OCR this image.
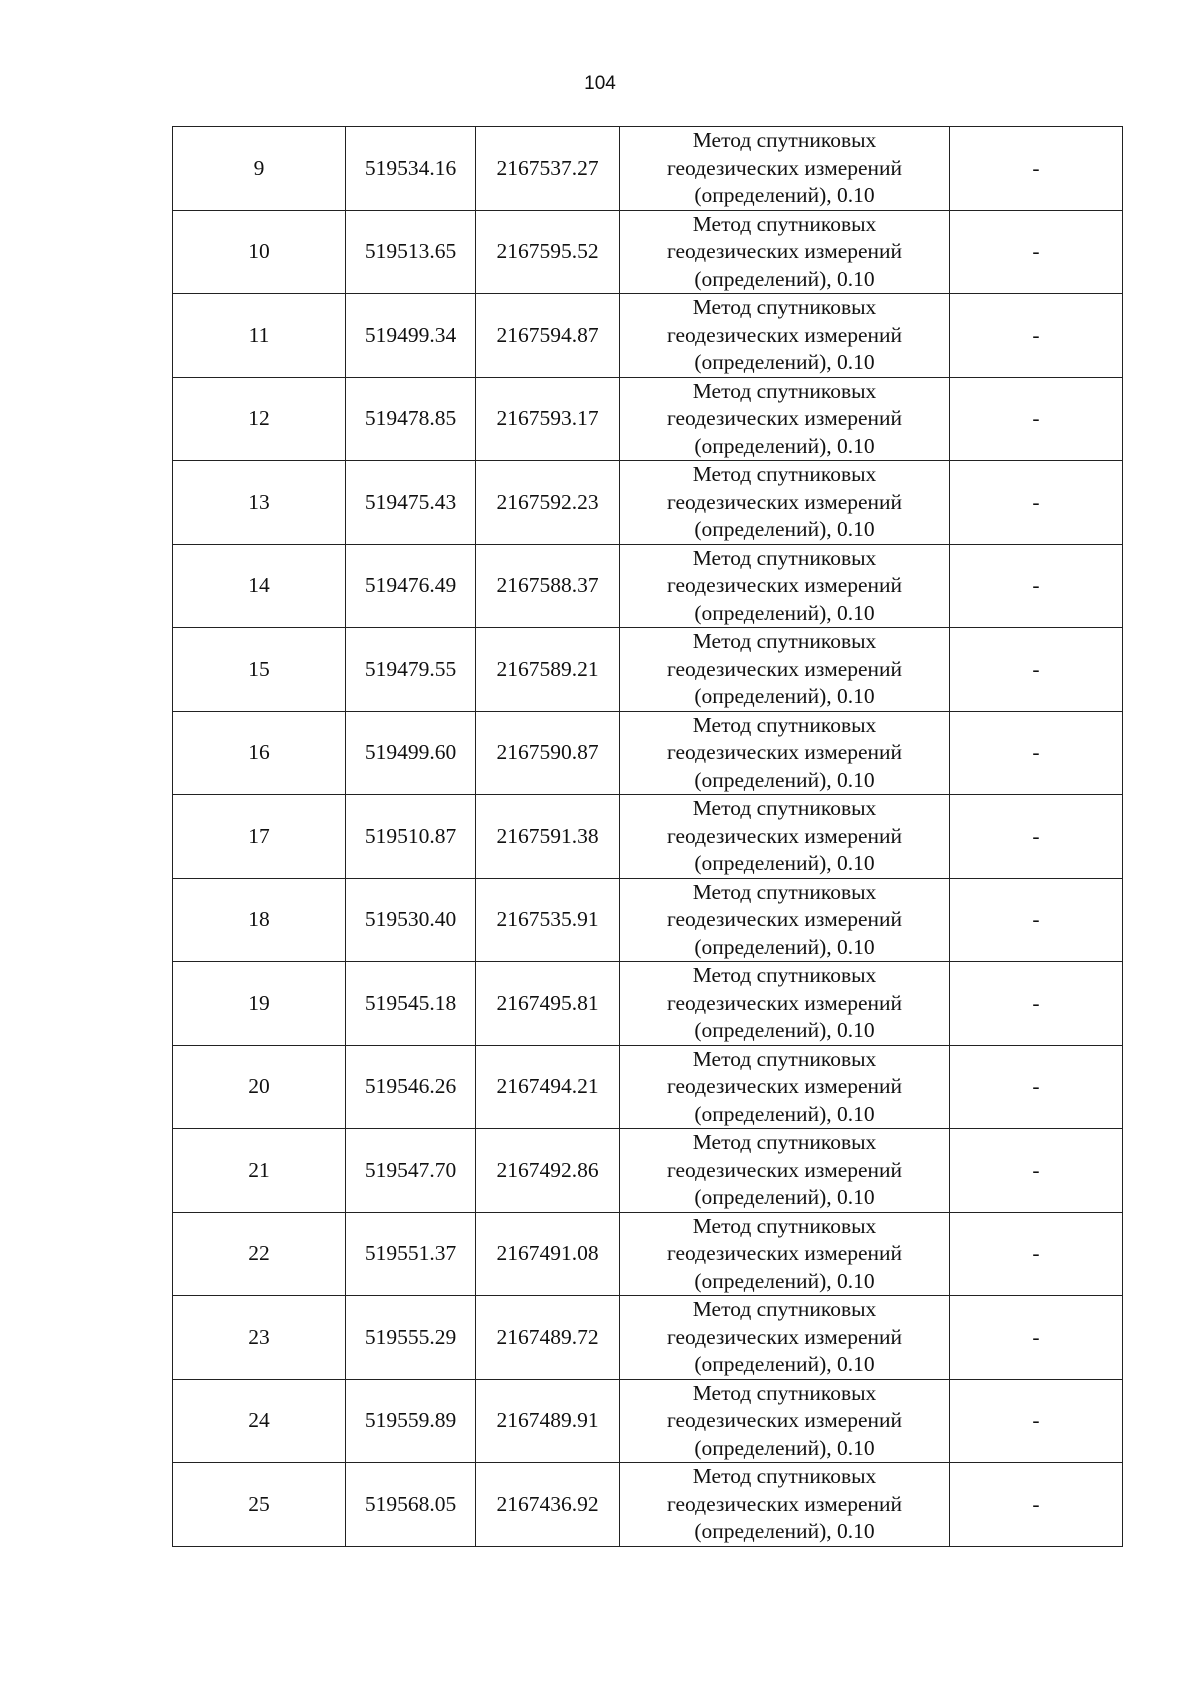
104
9	519534.16	2167537.27	Метод спутниковых
геодезических измерений
(определений), 0.10	-
10	519513.65	2167595.52	Метод спутниковых
геодезических измерений
(определений), 0.10	-
11	519499.34	2167594.87	Метод спутниковых
геодезических измерений
(определений), 0.10	-
12	519478.85	2167593.17	Метод спутниковых
геодезических измерений
(определений), 0.10	-
13	519475.43	2167592.23	Метод спутниковых
геодезических измерений
(определений), 0.10	-
14	519476.49	2167588.37	Метод спутниковых
геодезических измерений
(определений), 0.10	-
15	519479.55	2167589.21	Метод спутниковых
геодезических измерений
(определений), 0.10	-
16	519499.60	2167590.87	Метод спутниковых
геодезических измерений
(определений), 0.10	-
17	519510.87	2167591.38	Метод спутниковых
геодезических измерений
(определений), 0.10	-
18	519530.40	2167535.91	Метод спутниковых
геодезических измерений
(определений), 0.10	-
19	519545.18	2167495.81	Метод спутниковых
геодезических измерений
(определений), 0.10	-
20	519546.26	2167494.21	Метод спутниковых
геодезических измерений
(определений), 0.10	-
21	519547.70	2167492.86	Метод спутниковых
геодезических измерений
(определений), 0.10	-
22	519551.37	2167491.08	Метод спутниковых
геодезических измерений
(определений), 0.10	-
23	519555.29	2167489.72	Метод спутниковых
геодезических измерений
(определений), 0.10	-
24	519559.89	2167489.91	Метод спутниковых
геодезических измерений
(определений), 0.10	-
25	519568.05	2167436.92	Метод спутниковых
геодезических измерений
(определений), 0.10	-
